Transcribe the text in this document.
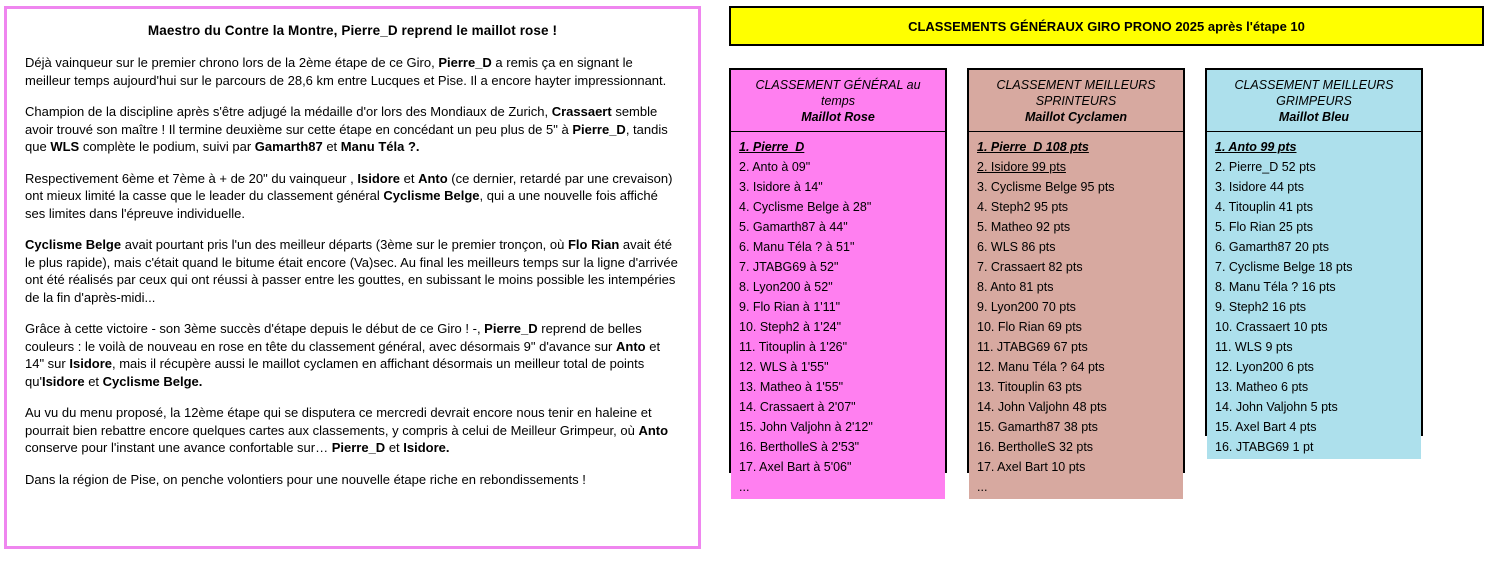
Maestro du Contre la Montre, Pierre_D reprend le maillot rose !
Déjà vainqueur sur le premier chrono lors de la 2ème étape de ce Giro, Pierre_D a remis ça en signant le meilleur temps aujourd'hui sur le parcours de 28,6 km entre Lucques et Pise. Il a encore hayter impressionnant.
Champion de la discipline après s'être adjugé la médaille d'or lors des Mondiaux de Zurich, Crassaert semble avoir trouvé son maître ! Il termine deuxième sur cette étape en concédant un peu plus de 5" à Pierre_D, tandis que WLS complète le podium, suivi par Gamarth87 et Manu Téla ?.
Respectivement 6ème et 7ème à + de 20" du vainqueur , Isidore et Anto (ce dernier, retardé par une crevaison) ont mieux limité la casse que le leader du classement général Cyclisme Belge, qui a une nouvelle fois affiché ses limites dans l'épreuve individuelle.
Cyclisme Belge avait pourtant pris l'un des meilleur départs (3ème sur le premier tronçon, où Flo Rian avait été le plus rapide), mais c'était quand le bitume était encore (Va)sec. Au final les meilleurs temps sur la ligne d'arrivée ont été réalisés par ceux qui ont réussi à passer entre les gouttes, en subissant le moins possible les intempéries de la fin d'après-midi...
Grâce à cette victoire - son 3ème succès d'étape depuis le début de ce Giro ! -, Pierre_D reprend de belles couleurs : le voilà de nouveau en rose en tête du classement général, avec désormais 9" d'avance sur Anto et 14" sur Isidore, mais il récupère aussi le maillot cyclamen en affichant désormais un meilleur total de points qu'Isidore et Cyclisme Belge.
Au vu du menu proposé, la 12ème étape qui se disputera ce mercredi devrait encore nous tenir en haleine et pourrait bien rebattre encore quelques cartes aux classements, y compris à celui de Meilleur Grimpeur, où Anto conserve pour l'instant une avance confortable sur… Pierre_D et Isidore.
Dans la région de Pise, on penche volontiers pour une nouvelle étape riche en rebondissements !
CLASSEMENTS GÉNÉRAUX GIRO PRONO 2025 après l'étape 10
CLASSEMENT GÉNÉRAL au temps
Maillot Rose
1. Pierre_D
2. Anto à 09"
3. Isidore à 14"
4. Cyclisme Belge à 28"
5. Gamarth87 à 44"
6. Manu Téla ? à 51"
7. JTABG69 à 52"
8. Lyon200 à 52"
9. Flo Rian à 1'11"
10. Steph2 à 1'24"
11. Titouplin à 1'26"
12. WLS à 1'55"
13. Matheo à 1'55"
14. Crassaert à 2'07"
15. John Valjohn à 2'12"
16. BertholleS à 2'53"
17. Axel Bart à 5'06"
...
CLASSEMENT MEILLEURS SPRINTEURS
Maillot Cyclamen
1. Pierre_D 108 pts
2. Isidore 99 pts
3. Cyclisme Belge 95 pts
4. Steph2 95 pts
5. Matheo 92 pts
6. WLS 86 pts
7. Crassaert 82 pts
8. Anto 81 pts
9. Lyon200 70 pts
10. Flo Rian 69 pts
11. JTABG69 67 pts
12. Manu Téla ? 64 pts
13. Titouplin 63 pts
14. John Valjohn 48 pts
15. Gamarth87 38 pts
16. BertholleS 32 pts
17. Axel Bart 10 pts
...
CLASSEMENT MEILLEURS GRIMPEURS
Maillot Bleu
1. Anto 99 pts
2. Pierre_D 52 pts
3. Isidore 44 pts
4. Titouplin 41 pts
5. Flo Rian 25 pts
6. Gamarth87 20 pts
7. Cyclisme Belge 18 pts
8. Manu Téla ? 16 pts
9. Steph2 16 pts
10. Crassaert 10 pts
11. WLS 9 pts
12. Lyon200 6 pts
13. Matheo 6 pts
14. John Valjohn 5 pts
15. Axel Bart 4 pts
16. JTABG69 1 pt
